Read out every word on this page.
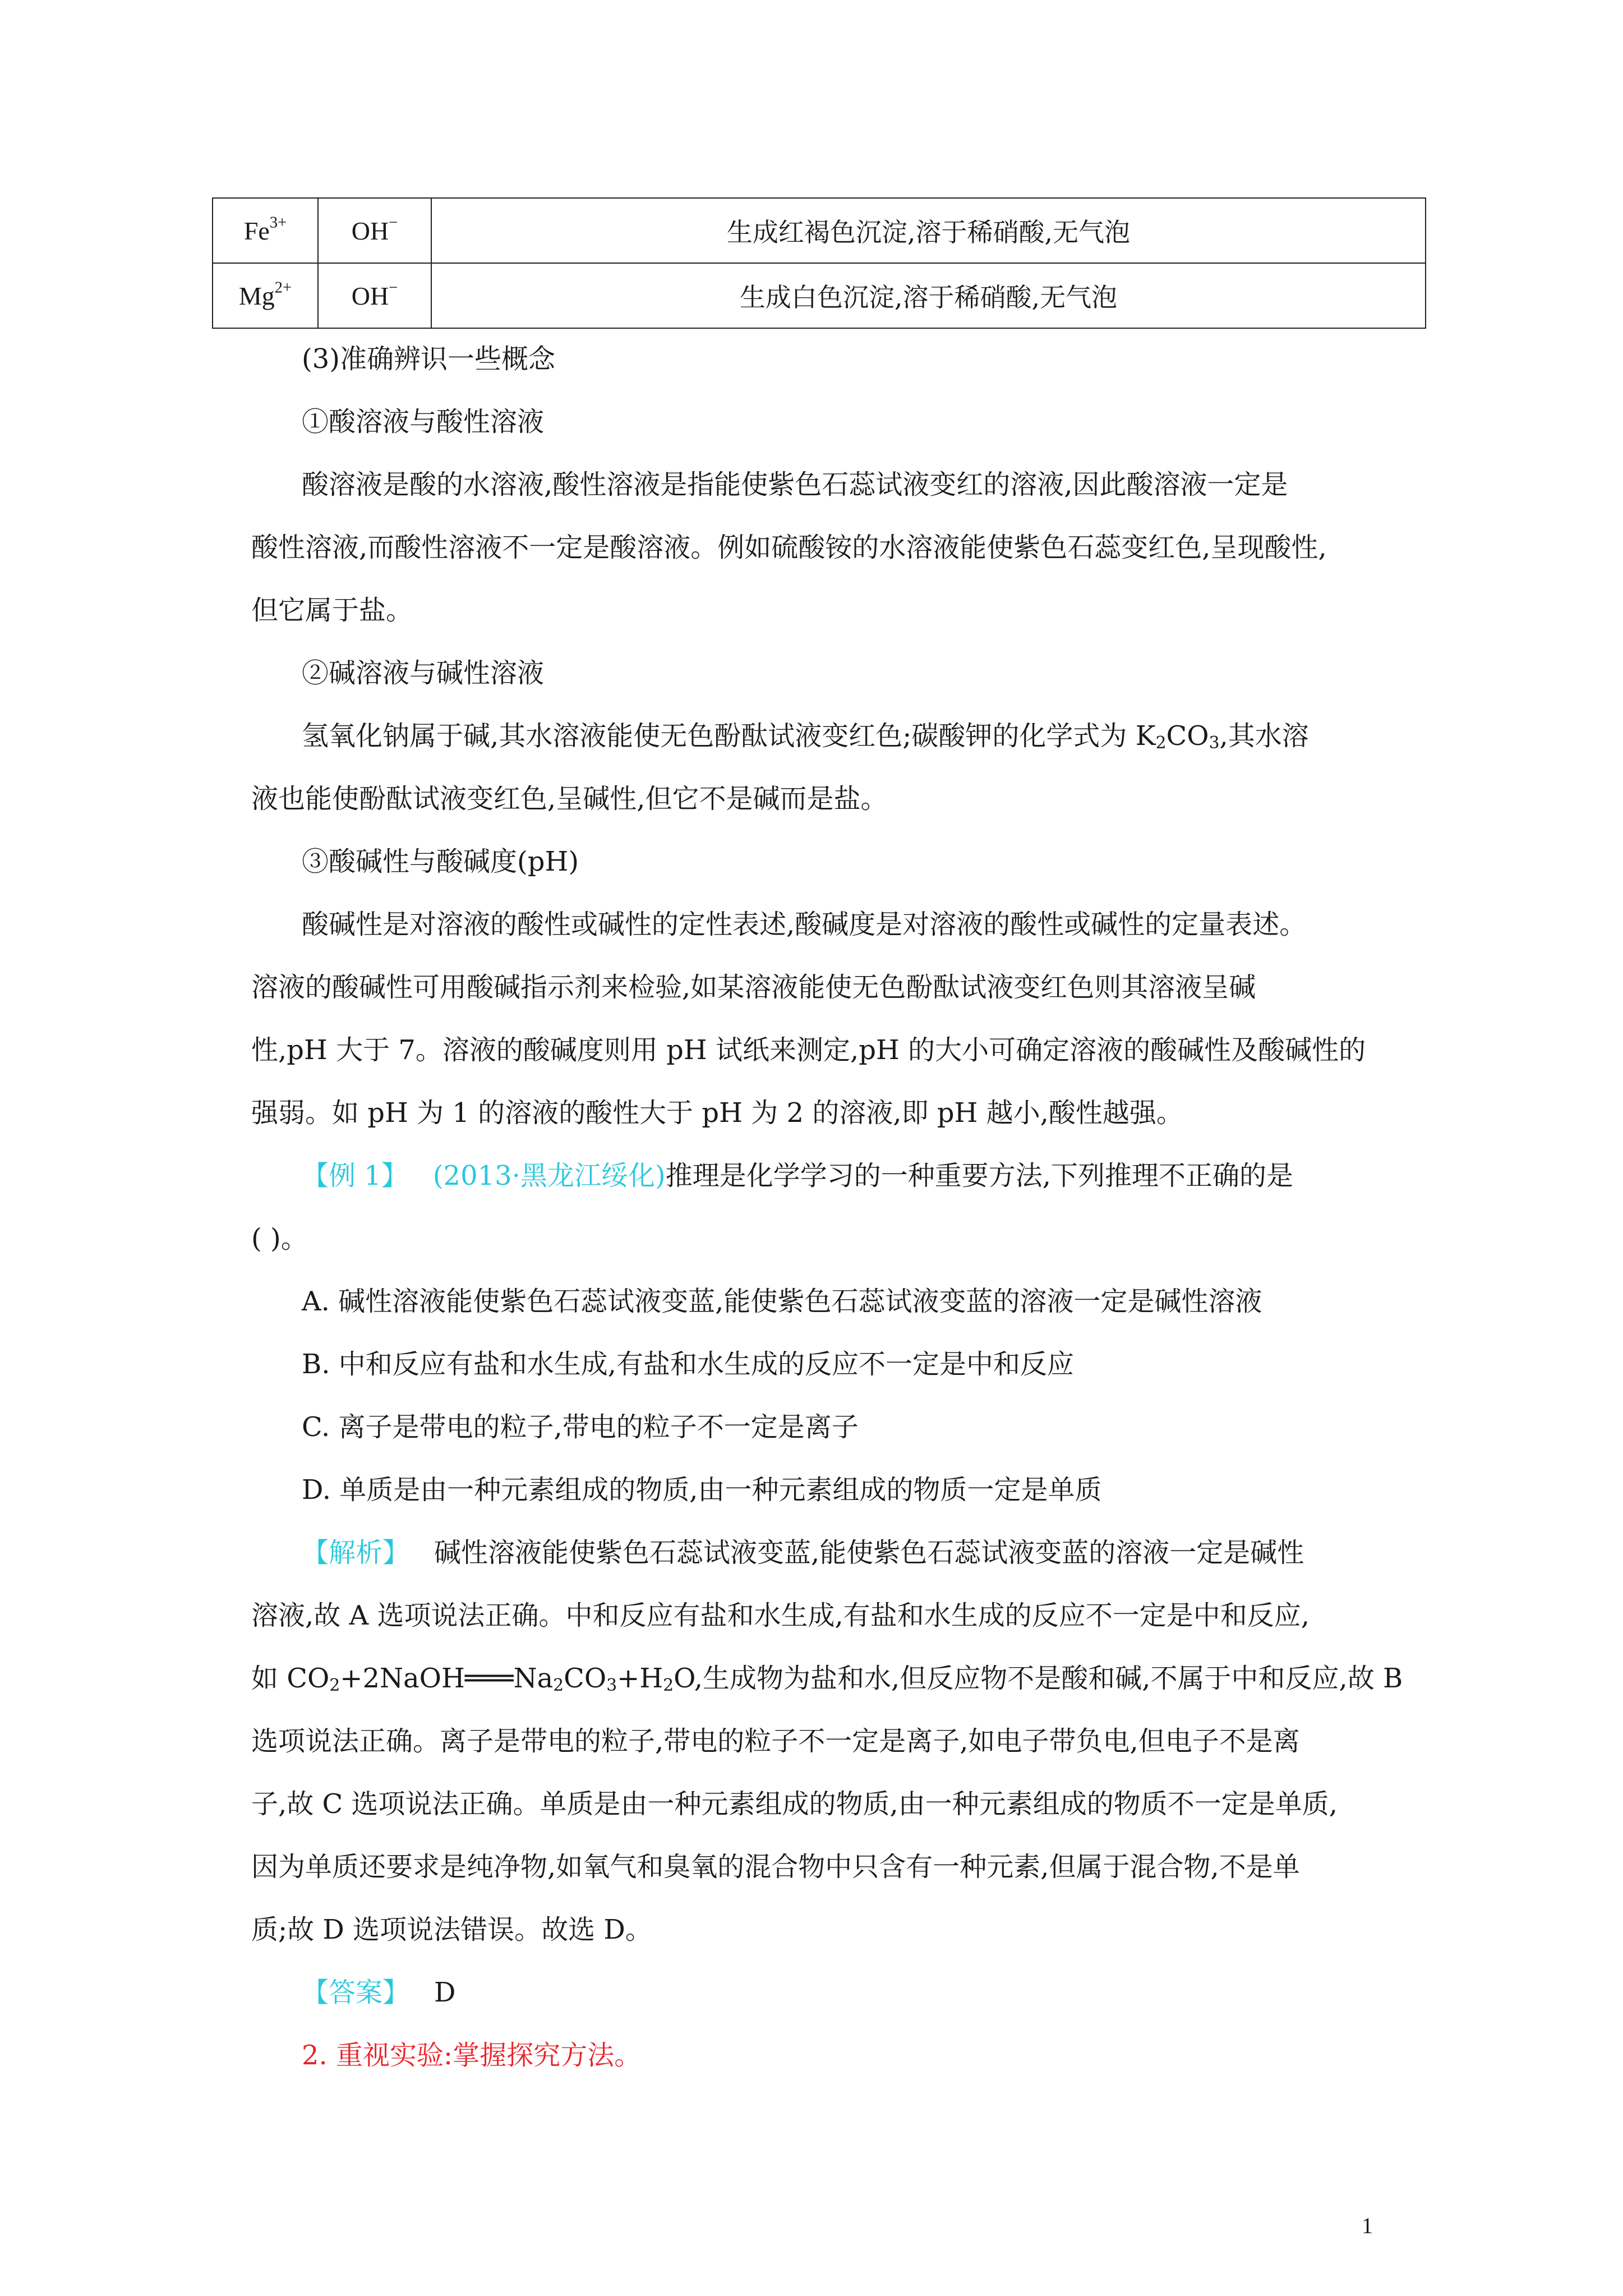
$Fe^{3+}$	OH−	生成红褐色沉淀,溶于稀硝酸,无气泡
$Mg^{2+}$	OH−	生成白色沉淀,溶于稀硝酸,无气泡
(3)准确辨识一些概念
①酸溶液与酸性溶液
酸溶液是酸的水溶液,酸性溶液是指能使紫色石蕊试液变红的溶液,因此酸溶液一定是
酸性溶液,而酸性溶液不一定是酸溶液。例如硫酸铵的水溶液能使紫色石蕊变红色,呈现酸性,
但它属于盐。
②碱溶液与碱性溶液
氢氧化钠属于碱,其水溶液能使无色酚酞试液变红色;碳酸钾的化学式为 $K_2CO_3$,其水溶
液也能使酚酞试液变红色,呈碱性,但它不是碱而是盐。
③酸碱性与酸碱度(pH)
酸碱性是对溶液的酸性或碱性的定性表述,酸碱度是对溶液的酸性或碱性的定量表述。
溶液的酸碱性可用酸碱指示剂来检验,如某溶液能使无色酚酞试液变红色则其溶液呈碱
性,pH 大于 7。溶液的酸碱度则用 pH 试纸来测定,pH 的大小可确定溶液的酸碱性及酸碱性的
强弱。如 pH 为 1 的溶液的酸性大于 pH 为 2 的溶液,即 pH 越小,酸性越强。
【例 1】 (2013·黑龙江绥化)推理是化学学习的一种重要方法,下列推理不正确的是
( )。
A. 碱性溶液能使紫色石蕊试液变蓝,能使紫色石蕊试液变蓝的溶液一定是碱性溶液
B. 中和反应有盐和水生成,有盐和水生成的反应不一定是中和反应
C. 离子是带电的粒子,带电的粒子不一定是离子
D. 单质是由一种元素组成的物质,由一种元素组成的物质一定是单质
【解析】 碱性溶液能使紫色石蕊试液变蓝,能使紫色石蕊试液变蓝的溶液一定是碱性
溶液,故 A 选项说法正确。中和反应有盐和水生成,有盐和水生成的反应不一定是中和反应,
如 $CO_2+2NaOH═══Na_2CO_3+H_2O$,生成物为盐和水,但反应物不是酸和碱,不属于中和反应,故 B
选项说法正确。离子是带电的粒子,带电的粒子不一定是离子,如电子带负电,但电子不是离
子,故 C 选项说法正确。单质是由一种元素组成的物质,由一种元素组成的物质不一定是单质,
因为单质还要求是纯净物,如氧气和臭氧的混合物中只含有一种元素,但属于混合物,不是单
质;故 D 选项说法错误。故选 D。
【答案】 D
2. 重视实验:掌握探究方法。
1
